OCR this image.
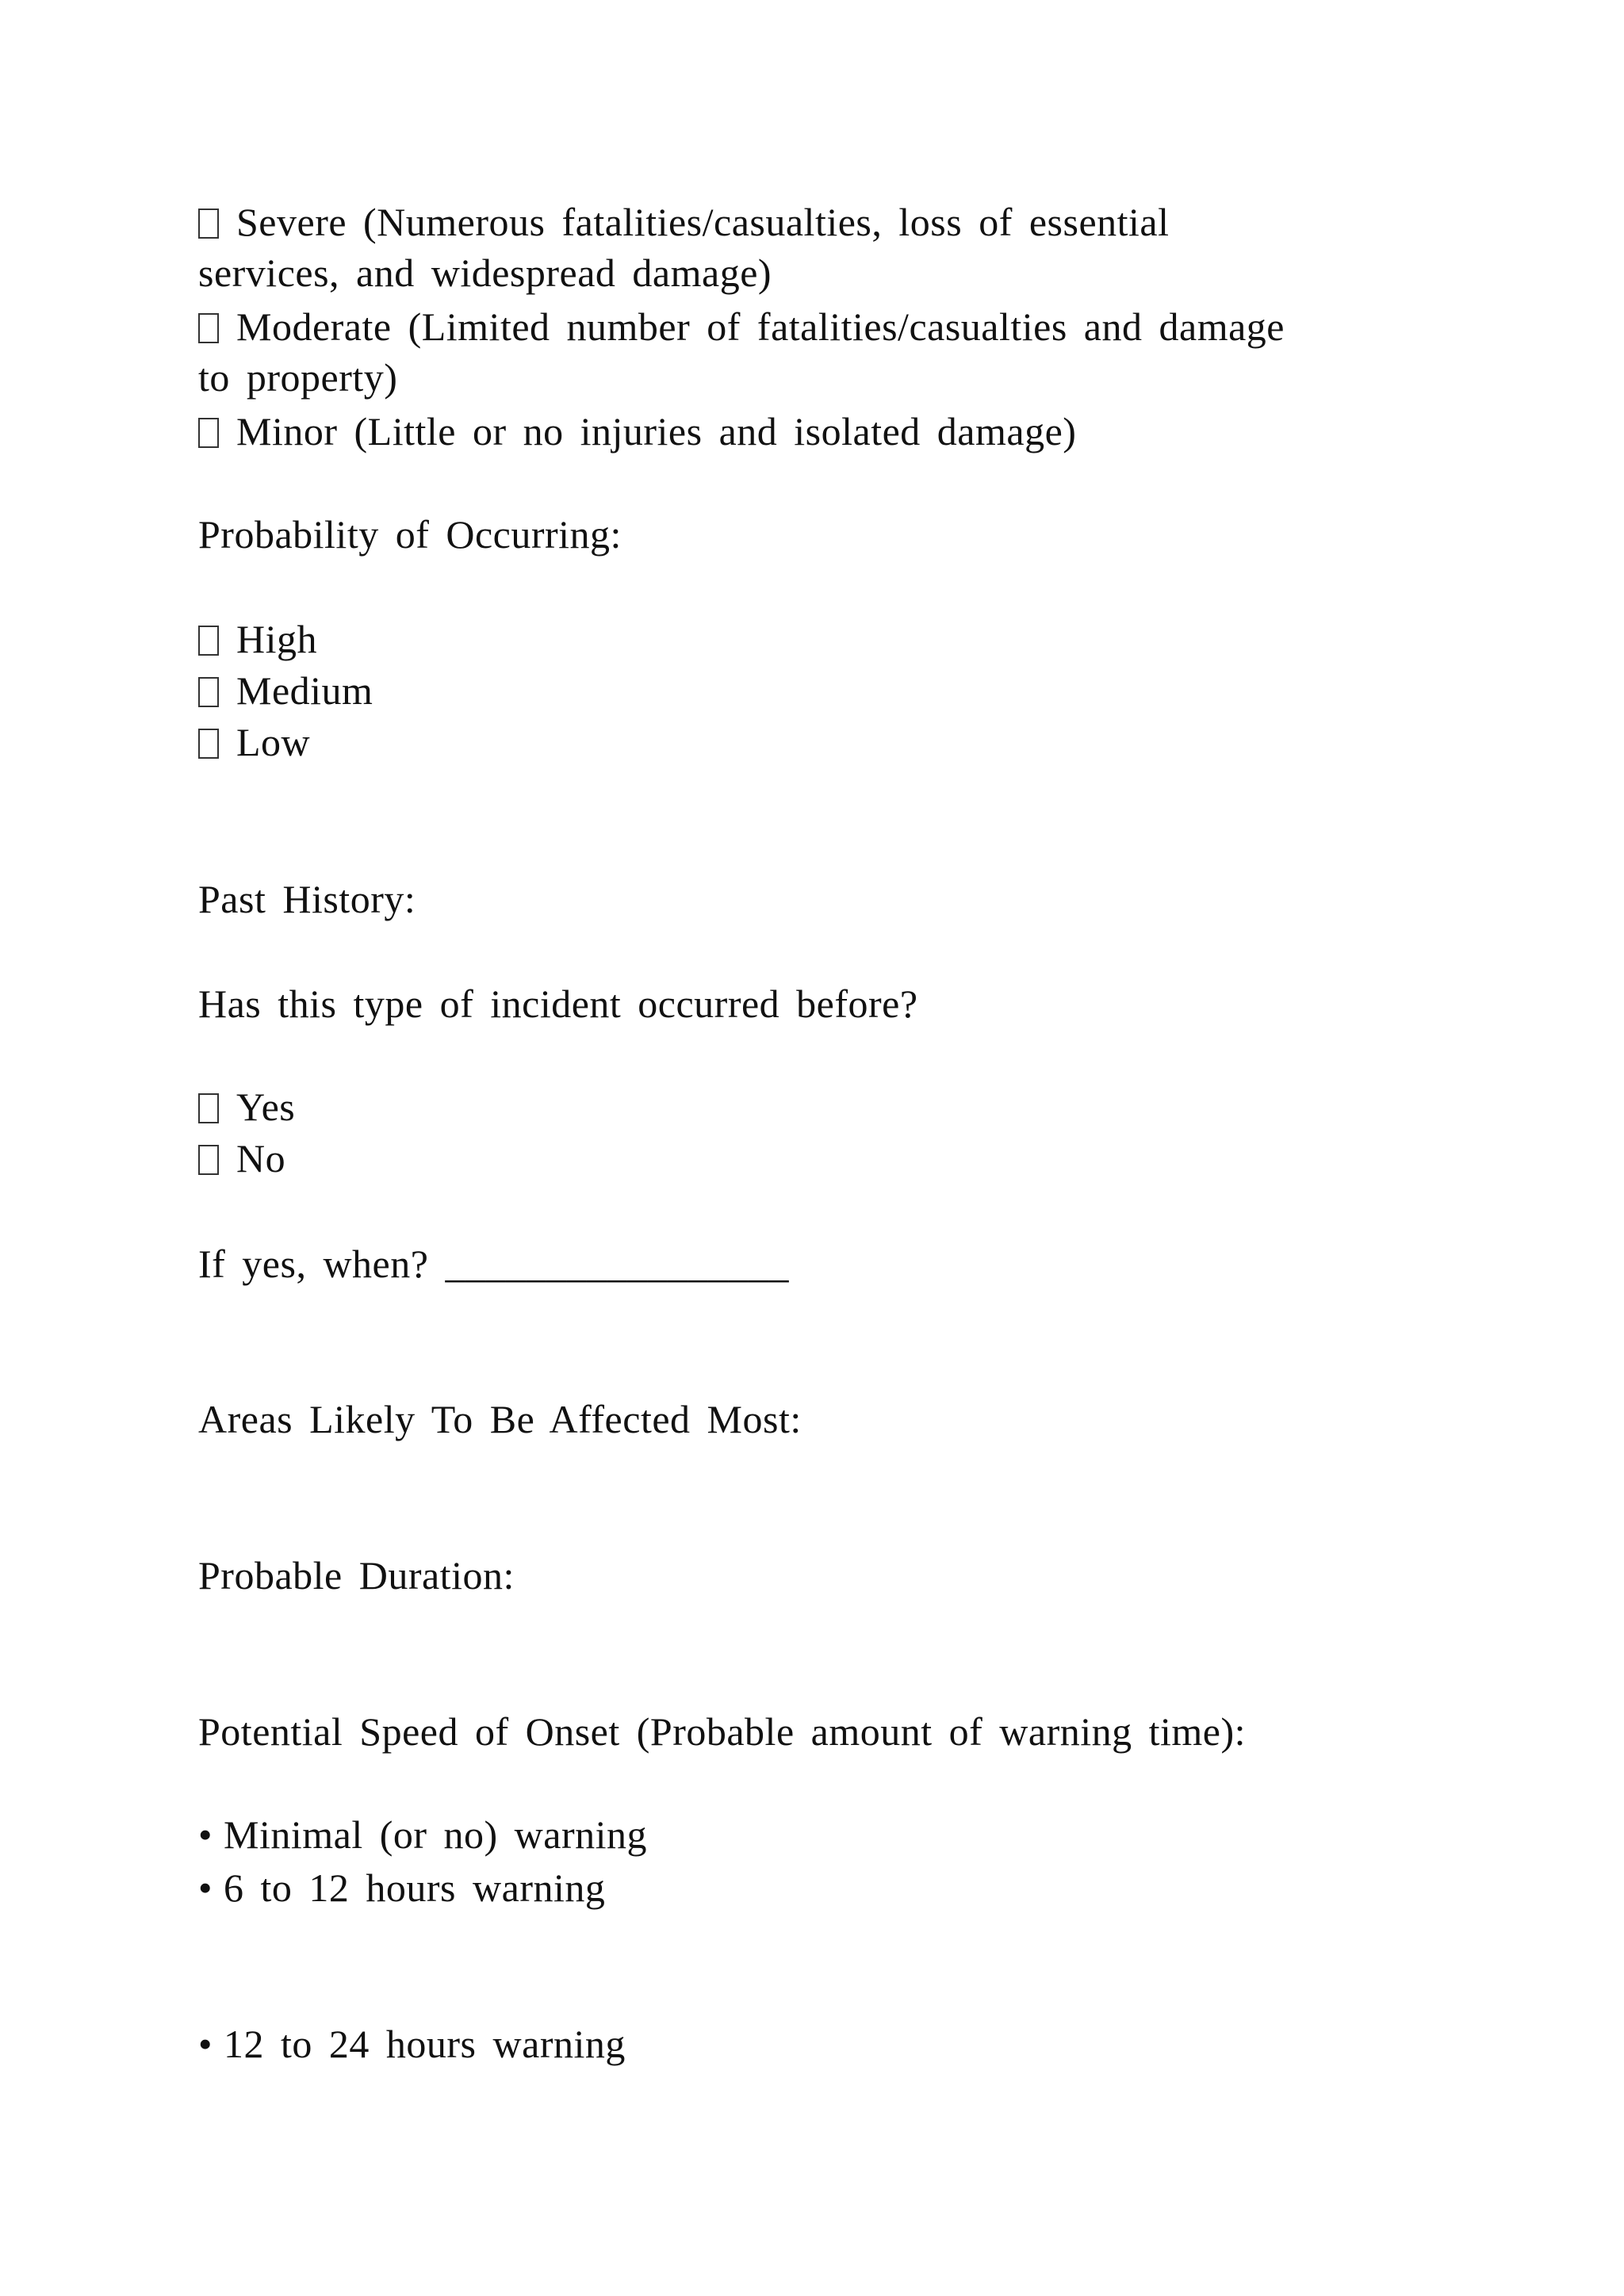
Severe (Numerous fatalities/casualties, loss of essential
services, and widespread damage)
Moderate (Limited number of fatalities/casualties and damage
to property)
Minor (Little or no injuries and isolated damage)
Probability of Occurring:
High
Medium
Low
Past History:
Has this type of incident occurred before?
Yes
No
If yes, when? _________________
Areas Likely To Be Affected Most:
Probable Duration:
Potential Speed of Onset (Probable amount of warning time):
• Minimal (or no) warning
• 6 to 12 hours warning
• 12 to 24 hours warning
